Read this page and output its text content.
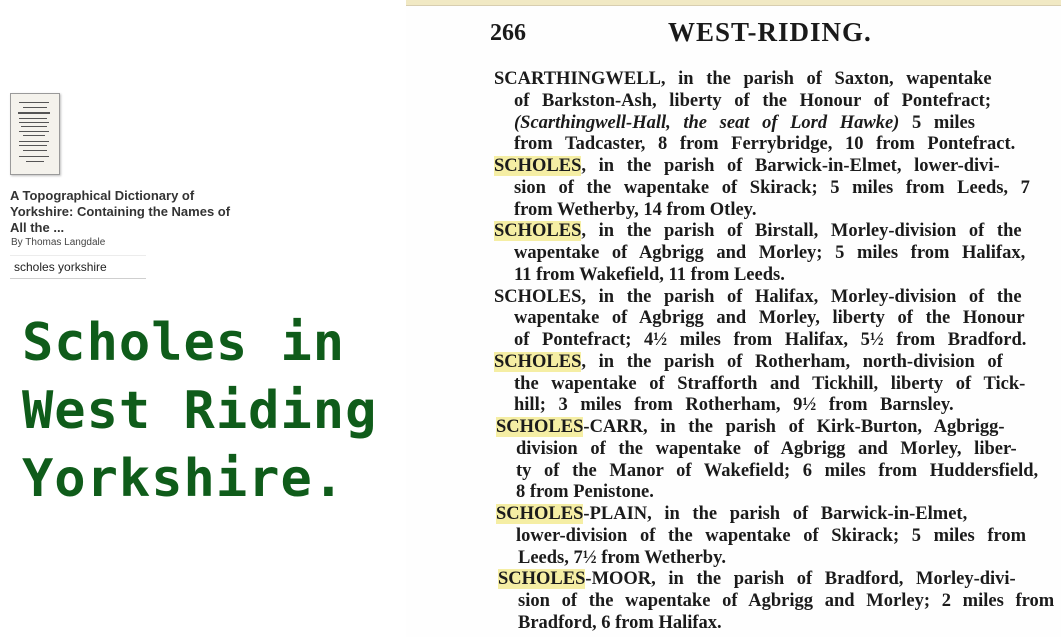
A Topographical Dictionary of Yorkshire: Containing the Names of All the ...
By Thomas Langdale
scholes yorkshire
Scholes in
West Riding
Yorkshire.
266	WEST-RIDING.
SCARTHINGWELL, in the parish of Saxton, wapentake
of Barkston-Ash, liberty of the Honour of Pontefract;
(Scarthingwell-Hall, the seat of Lord Hawke) 5 miles
from Tadcaster, 8 from Ferrybridge, 10 from Pontefract.
SCHOLES, in the parish of Barwick-in-Elmet, lower-divi-
sion of the wapentake of Skirack; 5 miles from Leeds, 7
from Wetherby, 14 from Otley.
SCHOLES, in the parish of Birstall, Morley-division of the
wapentake of Agbrigg and Morley; 5 miles from Halifax,
11 from Wakefield, 11 from Leeds.
SCHOLES, in the parish of Halifax, Morley-division of the
wapentake of Agbrigg and Morley, liberty of the Honour
of Pontefract; 4½ miles from Halifax, 5½ from Bradford.
SCHOLES, in the parish of Rotherham, north-division of
the wapentake of Strafforth and Tickhill, liberty of Tick-
hill; 3 miles from Rotherham, 9½ from Barnsley.
SCHOLES-CARR, in the parish of Kirk-Burton, Agbrigg-
division of the wapentake of Agbrigg and Morley, liber-
ty of the Manor of Wakefield; 6 miles from Huddersfield,
8 from Penistone.
SCHOLES-PLAIN, in the parish of Barwick-in-Elmet,
lower-division of the wapentake of Skirack; 5 miles from
Leeds, 7½ from Wetherby.
SCHOLES-MOOR, in the parish of Bradford, Morley-divi-
sion of the wapentake of Agbrigg and Morley; 2 miles from
Bradford, 6 from Halifax.
